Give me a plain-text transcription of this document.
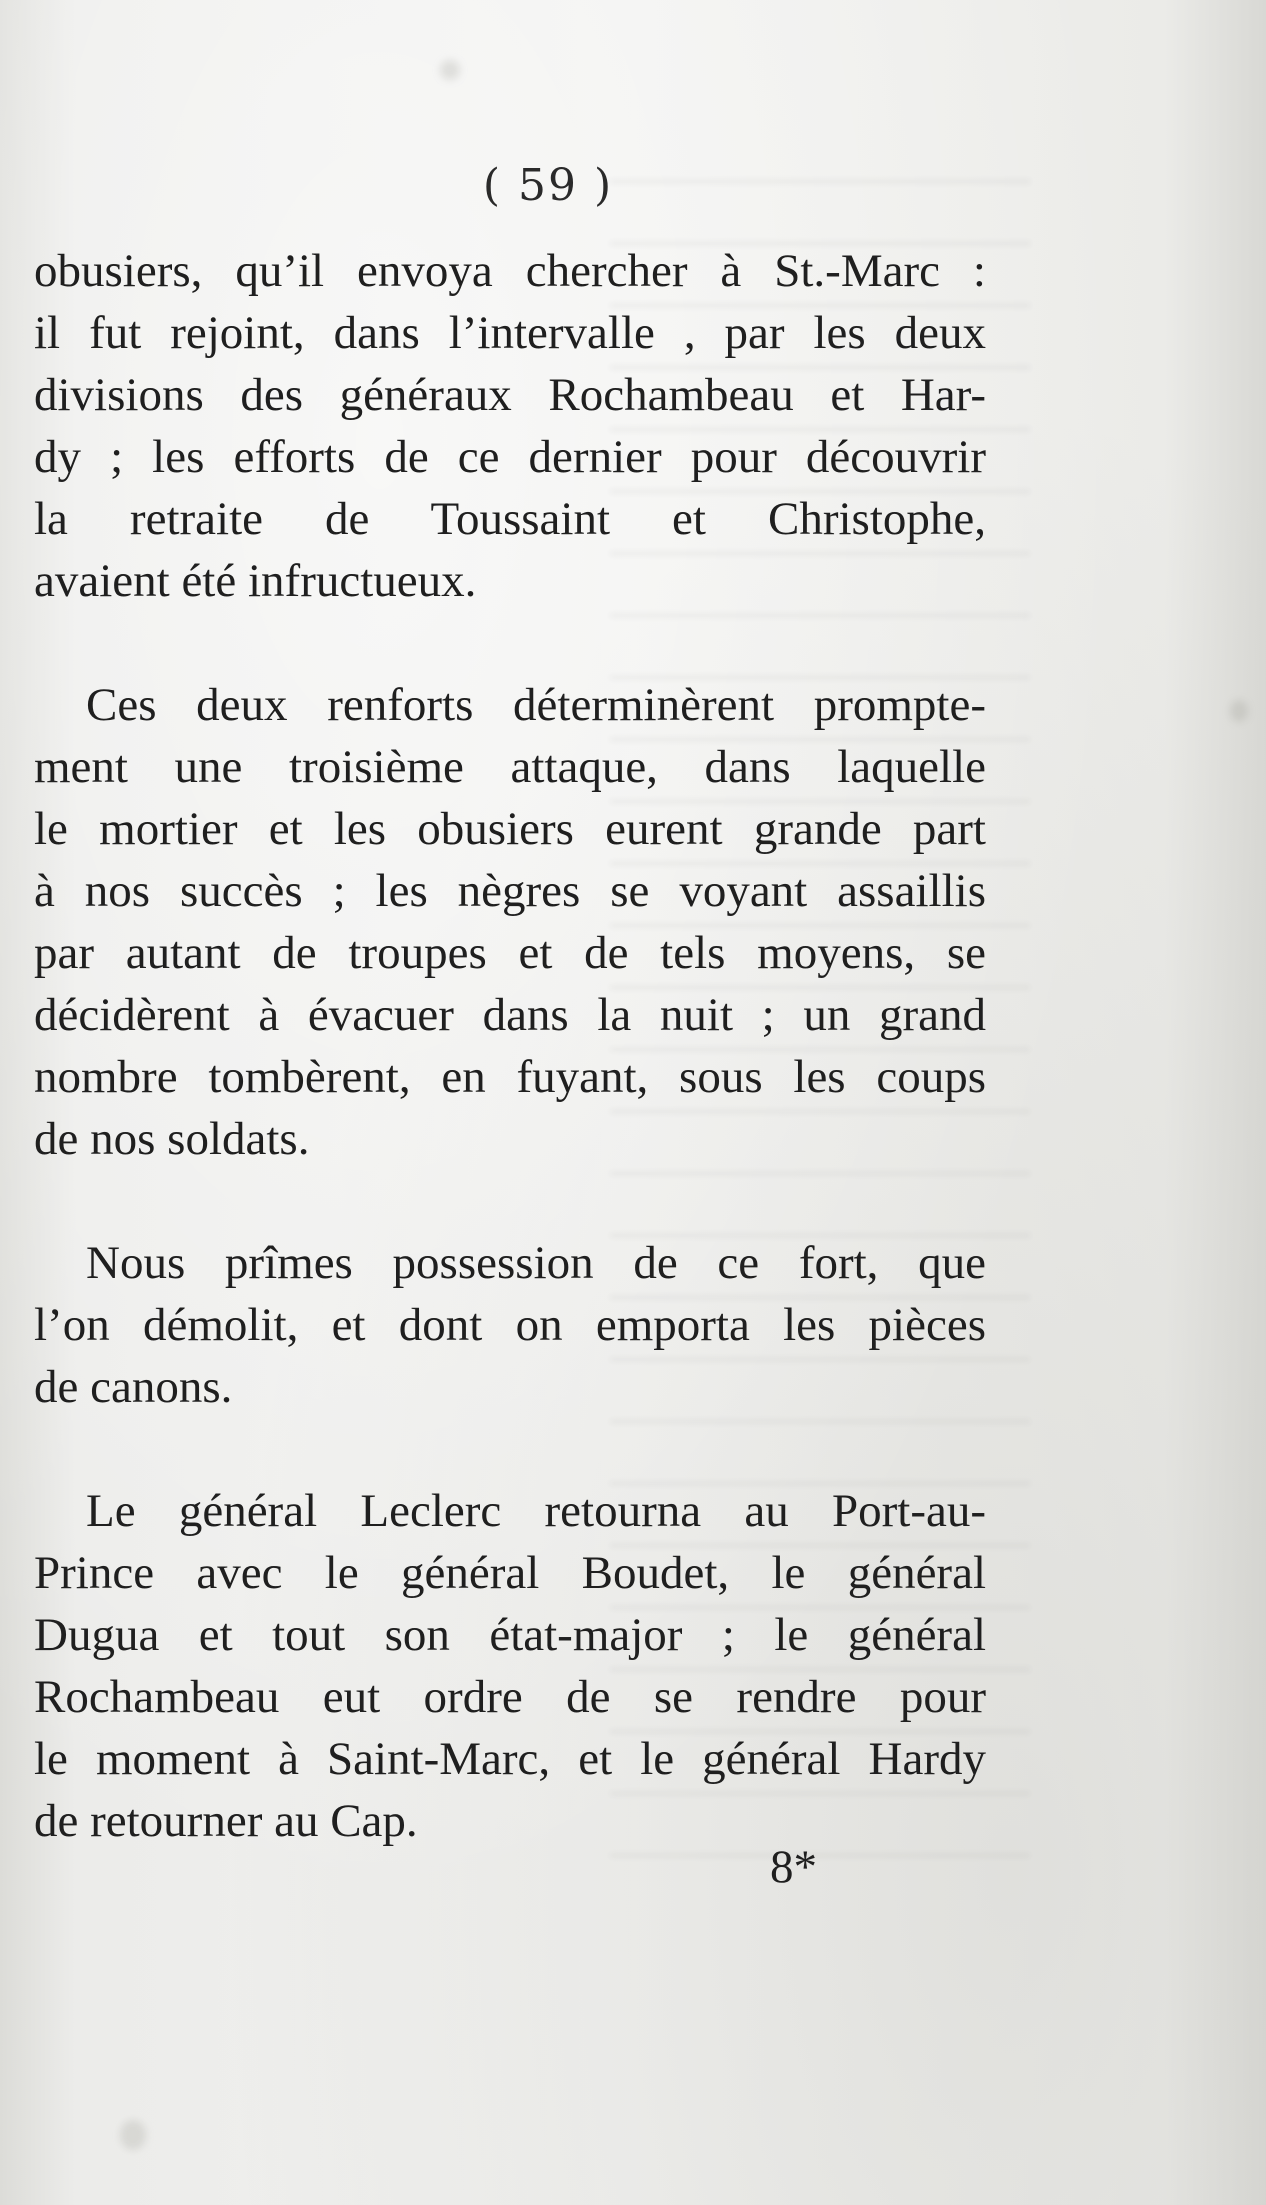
( 59 )

obusiers, qu’il envoya chercher à St.-Marc :
il fut rejoint, dans l’intervalle , par les deux
divisions des généraux Rochambeau et Har-
dy ; les efforts de ce dernier pour découvrir
la retraite de Toussaint et Christophe,
avaient été infructueux.

Ces deux renforts déterminèrent prompte-
ment une troisième attaque, dans laquelle
le mortier et les obusiers eurent grande part
à nos succès ; les nègres se voyant assaillis
par autant de troupes et de tels moyens, se
décidèrent à évacuer dans la nuit ; un grand
nombre tombèrent, en fuyant, sous les coups
de nos soldats.

Nous prîmes possession de ce fort, que
l’on démolit, et dont on emporta les pièces
de canons.

Le général Leclerc retourna au Port-au-
Prince avec le général Boudet, le général
Dugua et tout son état-major ; le général
Rochambeau eut ordre de se rendre pour
le moment à Saint-Marc, et le général Hardy
de retourner au Cap.

8*
